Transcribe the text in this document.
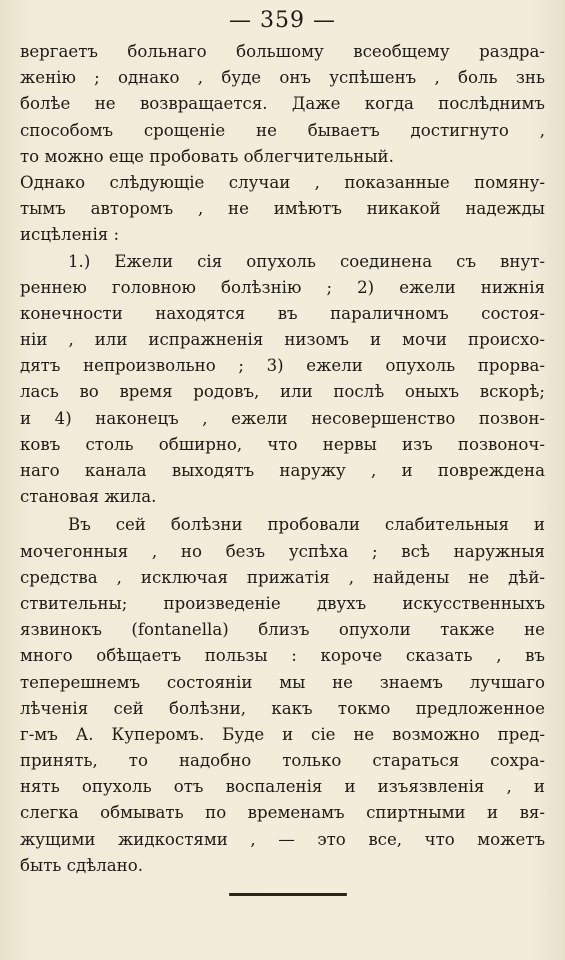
— 359 —
вергаетъ больнаго большому всеобщему раздра-
женію ; однако , буде онъ успѣшенъ , боль знь
болѣе не возвращается. Даже когда послѣднимъ
способомъ срощеніе не бываетъ достигнуто ,
то можно еще пробовать облегчительный.
Однако слѣдующіе случаи , показанные помяну-
тымъ авторомъ , не имѣютъ никакой надежды
исцѣленія :
1.) Ежели сія опухоль соединена съ внут-
реннею головною болѣзнію ; 2) ежели нижнія
конечности находятся въ параличномъ состоя-
ніи , или испражненія низомъ и мочи происхо-
дятъ непроизвольно ; 3) ежели опухоль прорва-
лась во время родовъ, или послѣ оныхъ вскорѣ;
и 4) наконецъ , ежели несовершенство позвон-
ковъ столь обширно, что нервы изъ позвоноч-
наго канала выходятъ наружу , и повреждена
становая жила.
Въ сей болѣзни пробовали слабительныя и
мочегонныя , но безъ успѣха ; всѣ наружныя
средства , исключая прижатія , найдены не дѣй-
ствительны; произведеніе двухъ искусственныхъ
язвинокъ (fontanella) близъ опухоли также не
много обѣщаетъ пользы : короче сказать , въ
теперешнемъ состояніи мы не знаемъ лучшаго
лѣченія сей болѣзни, какъ токмо предложенное
г-мъ А. Куперомъ. Буде и сіе не возможно пред-
принять, то надобно только стараться сохра-
нять опухоль отъ воспаленія и изъязвленія , и
слегка обмывать по временамъ спиртными и вя-
жущими жидкостями , — это все, что можетъ
быть сдѣлано.
